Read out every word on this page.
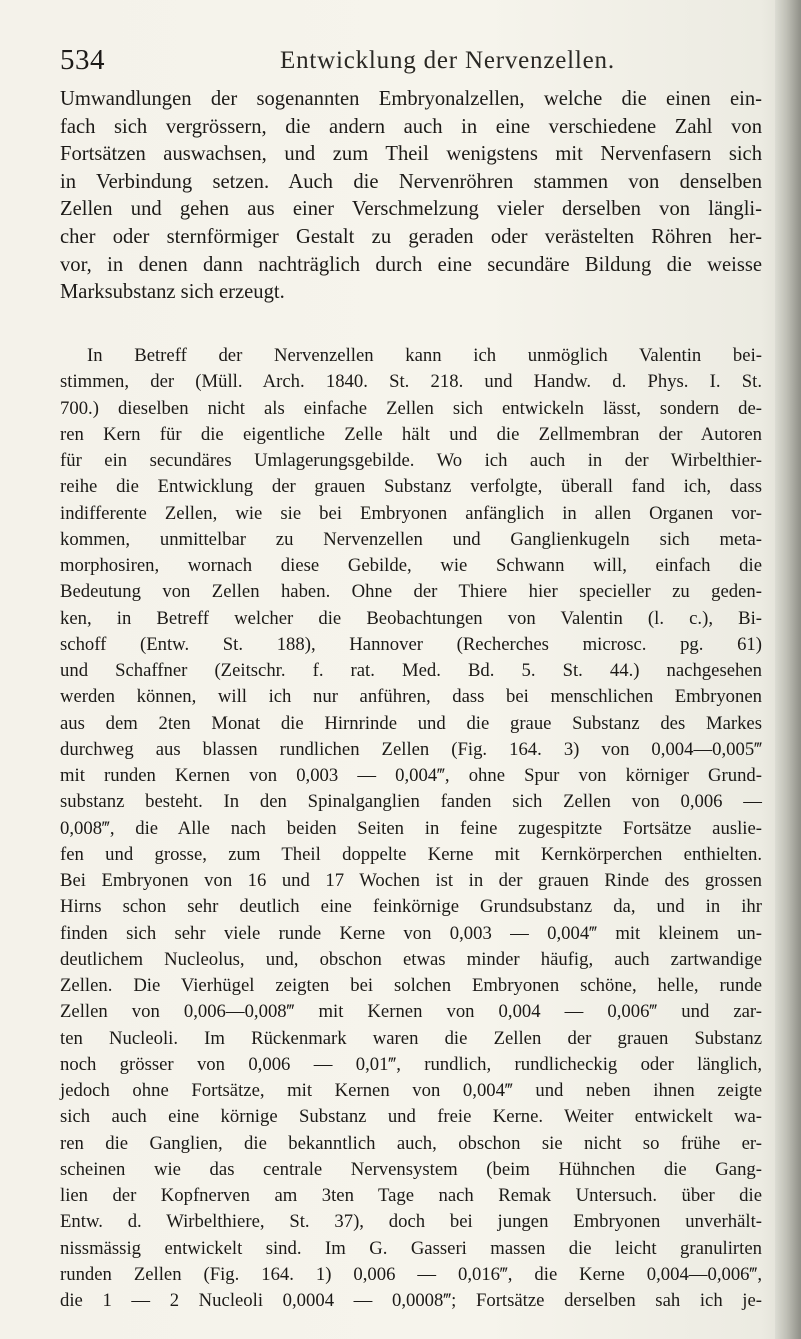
534	Entwicklung der Nervenzellen.

Umwandlungen der sogenannten Embryonalzellen, welche die einen ein-
fach sich vergrössern, die andern auch in eine verschiedene Zahl von
Fortsätzen auswachsen, und zum Theil wenigstens mit Nervenfasern sich
in Verbindung setzen. Auch die Nervenröhren stammen von denselben
Zellen und gehen aus einer Verschmelzung vieler derselben von längli-
cher oder sternförmiger Gestalt zu geraden oder verästelten Röhren her-
vor, in denen dann nachträglich durch eine secundäre Bildung die weisse
Marksubstanz sich erzeugt.

In Betreff der Nervenzellen kann ich unmöglich Valentin bei-
stimmen, der (Müll. Arch. 1840. St. 218. und Handw. d. Phys. I. St.
700.) dieselben nicht als einfache Zellen sich entwickeln lässt, sondern de-
ren Kern für die eigentliche Zelle hält und die Zellmembran der Autoren
für ein secundäres Umlagerungsgebilde. Wo ich auch in der Wirbelthier-
reihe die Entwicklung der grauen Substanz verfolgte, überall fand ich, dass
indifferente Zellen, wie sie bei Embryonen anfänglich in allen Organen vor-
kommen, unmittelbar zu Nervenzellen und Ganglienkugeln sich meta-
morphosiren, wornach diese Gebilde, wie Schwann will, einfach die
Bedeutung von Zellen haben. Ohne der Thiere hier specieller zu geden-
ken, in Betreff welcher die Beobachtungen von Valentin (l. c.), Bi-
schoff (Entw. St. 188), Hannover (Recherches microsc. pg. 61)
und Schaffner (Zeitschr. f. rat. Med. Bd. 5. St. 44.) nachgesehen
werden können, will ich nur anführen, dass bei menschlichen Embryonen
aus dem 2ten Monat die Hirnrinde und die graue Substanz des Markes
durchweg aus blassen rundlichen Zellen (Fig. 164. 3) von 0,004—0,005‴
mit runden Kernen von 0,003 — 0,004‴, ohne Spur von körniger Grund-
substanz besteht. In den Spinalganglien fanden sich Zellen von 0,006 —
0,008‴, die Alle nach beiden Seiten in feine zugespitzte Fortsätze auslie-
fen und grosse, zum Theil doppelte Kerne mit Kernkörperchen enthielten.
Bei Embryonen von 16 und 17 Wochen ist in der grauen Rinde des grossen
Hirns schon sehr deutlich eine feinkörnige Grundsubstanz da, und in ihr
finden sich sehr viele runde Kerne von 0,003 — 0,004‴ mit kleinem un-
deutlichem Nucleolus, und, obschon etwas minder häufig, auch zartwandige
Zellen. Die Vierhügel zeigten bei solchen Embryonen schöne, helle, runde
Zellen von 0,006—0,008‴ mit Kernen von 0,004 — 0,006‴ und zar-
ten Nucleoli. Im Rückenmark waren die Zellen der grauen Substanz
noch grösser von 0,006 — 0,01‴, rundlich, rundlicheckig oder länglich,
jedoch ohne Fortsätze, mit Kernen von 0,004‴ und neben ihnen zeigte
sich auch eine körnige Substanz und freie Kerne. Weiter entwickelt wa-
ren die Ganglien, die bekanntlich auch, obschon sie nicht so frühe er-
scheinen wie das centrale Nervensystem (beim Hühnchen die Gang-
lien der Kopfnerven am 3ten Tage nach Remak Untersuch. über die
Entw. d. Wirbelthiere, St. 37), doch bei jungen Embryonen unverhält-
nissmässig entwickelt sind. Im G. Gasseri massen die leicht granulirten
runden Zellen (Fig. 164. 1) 0,006 — 0,016‴, die Kerne 0,004—0,006‴,
die 1 — 2 Nucleoli 0,0004 — 0,0008‴; Fortsätze derselben sah ich je-
